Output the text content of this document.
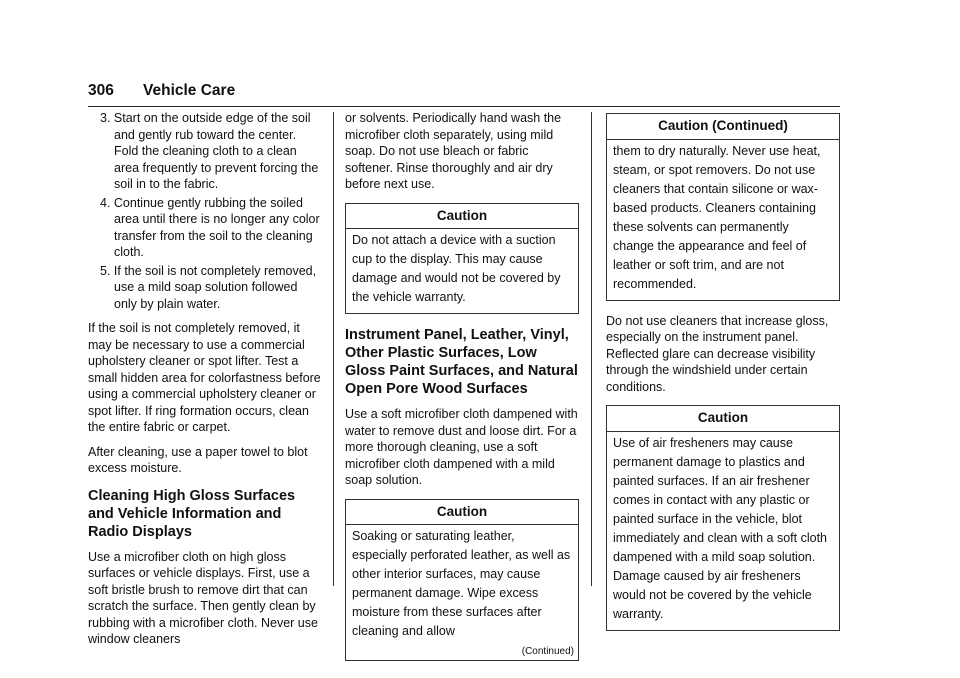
306 Vehicle Care
3. Start on the outside edge of the soil and gently rub toward the center. Fold the cleaning cloth to a clean area frequently to prevent forcing the soil in to the fabric.
4. Continue gently rubbing the soiled area until there is no longer any color transfer from the soil to the cleaning cloth.
5. If the soil is not completely removed, use a mild soap solution followed only by plain water.

If the soil is not completely removed, it may be necessary to use a commercial upholstery cleaner or spot lifter. Test a small hidden area for colorfastness before using a commercial upholstery cleaner or spot lifter. If ring formation occurs, clean the entire fabric or carpet.

After cleaning, use a paper towel to blot excess moisture.

Cleaning High Gloss Surfaces and Vehicle Information and Radio Displays

Use a microfiber cloth on high gloss surfaces or vehicle displays. First, use a soft bristle brush to remove dirt that can scratch the surface. Then gently clean by rubbing with a microfiber cloth. Never use window cleaners

or solvents. Periodically hand wash the microfiber cloth separately, using mild soap. Do not use bleach or fabric softener. Rinse thoroughly and air dry before next use.

Caution
Do not attach a device with a suction cup to the display. This may cause damage and would not be covered by the vehicle warranty.
Instrument Panel, Leather, Vinyl, Other Plastic Surfaces, Low Gloss Paint Surfaces, and Natural Open Pore Wood Surfaces

Use a soft microfiber cloth dampened with water to remove dust and loose dirt. For a more thorough cleaning, use a soft microfiber cloth dampened with a mild soap solution.

Caution
Soaking or saturating leather, especially perforated leather, as well as other interior surfaces, may cause permanent damage. Wipe excess moisture from these surfaces after cleaning and allow
(Continued)
Caution (Continued)
them to dry naturally. Never use heat, steam, or spot removers. Do not use cleaners that contain silicone or wax-based products. Cleaners containing these solvents can permanently change the appearance and feel of leather or soft trim, and are not recommended.

Do not use cleaners that increase gloss, especially on the instrument panel. Reflected glare can decrease visibility through the windshield under certain conditions.

Caution
Use of air fresheners may cause permanent damage to plastics and painted surfaces. If an air freshener comes in contact with any plastic or painted surface in the vehicle, blot immediately and clean with a soft cloth dampened with a mild soap solution. Damage caused by air fresheners would not be covered by the vehicle warranty.
